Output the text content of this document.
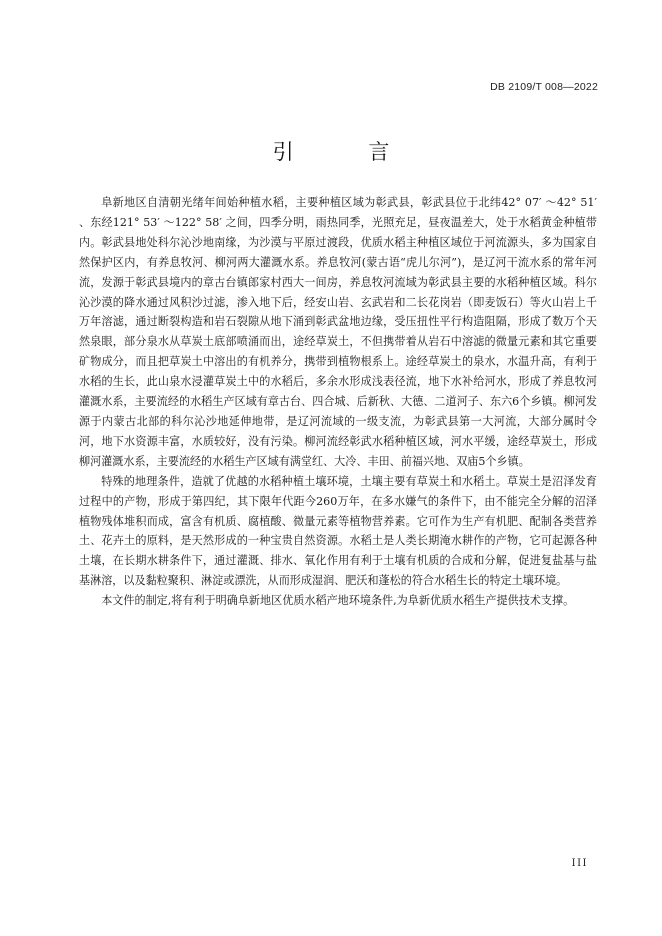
DB 2109/T 008—2022
引 言

阜新地区自清朝光绪年间始种植水稻，主要种植区域为彰武县，彰武县位于北纬42° 07′ ～42° 51′ 、东经121° 53′ ～122° 58′ 之间，四季分明，雨热同季，光照充足，昼夜温差大，处于水稻黄金种植带内。彰武县地处科尔沁沙地南缘，为沙漠与平原过渡段，优质水稻主种植区域位于河流源头，多为国家自然保护区内，有养息牧河、柳河两大灌溉水系。养息牧河(蒙古语“虎儿尔河”)，是辽河干流水系的常年河流，发源于彰武县境内的章古台镇郎家村西大一间房，养息牧河流域为彰武县主要的水稻种植区域。科尔沁沙漠的降水通过风积沙过滤，渗入地下后，经安山岩、玄武岩和二长花岗岩（即麦饭石）等火山岩上千万年溶滤，通过断裂构造和岩石裂隙从地下涌到彰武盆地边缘，受压扭性平行构造阻隔，形成了数万个天然泉眼，部分泉水从草炭土底部喷涌而出，途经草炭土，不但携带着从岩石中溶滤的微量元素和其它重要矿物成分，而且把草炭土中溶出的有机养分，携带到植物根系上。途经草炭土的泉水，水温升高，有利于水稻的生长，此山泉水浸灌草炭土中的水稻后，多余水形成浅表径流，地下水补给河水，形成了养息牧河灌溉水系，主要流经的水稻生产区域有章古台、四合城、后新秋、大德、二道河子、东六6个乡镇。柳河发源于内蒙古北部的科尔沁沙地延伸地带，是辽河流域的一级支流，为彰武县第一大河流，大部分属时令河，地下水资源丰富，水质较好，没有污染。柳河流经彰武水稻种植区域，河水平缓，途经草炭土，形成柳河灌溉水系，主要流经的水稻生产区域有满堂红、大冷、丰田、前福兴地、双庙5个乡镇。

特殊的地理条件，造就了优越的水稻种植土壤环境，土壤主要有草炭土和水稻土。草炭土是沼泽发育过程中的产物，形成于第四纪，其下限年代距今260万年，在多水嫌气的条件下，由不能完全分解的沼泽植物残体堆积而成，富含有机质、腐植酸、微量元素等植物营养素。它可作为生产有机肥、配制各类营养土、花卉土的原料，是天然形成的一种宝贵自然资源。水稻土是人类长期淹水耕作的产物，它可起源各种土壤，在长期水耕条件下，通过灌溉、排水、氧化作用有利于土壤有机质的合成和分解，促进复盐基与盐基淋溶，以及黏粒聚积、淋淀或漂洗，从而形成湿润、肥沃和蓬松的符合水稻生长的特定土壤环境。

本文件的制定,将有利于明确阜新地区优质水稻产地环境条件,为阜新优质水稻生产提供技术支撑。

III
